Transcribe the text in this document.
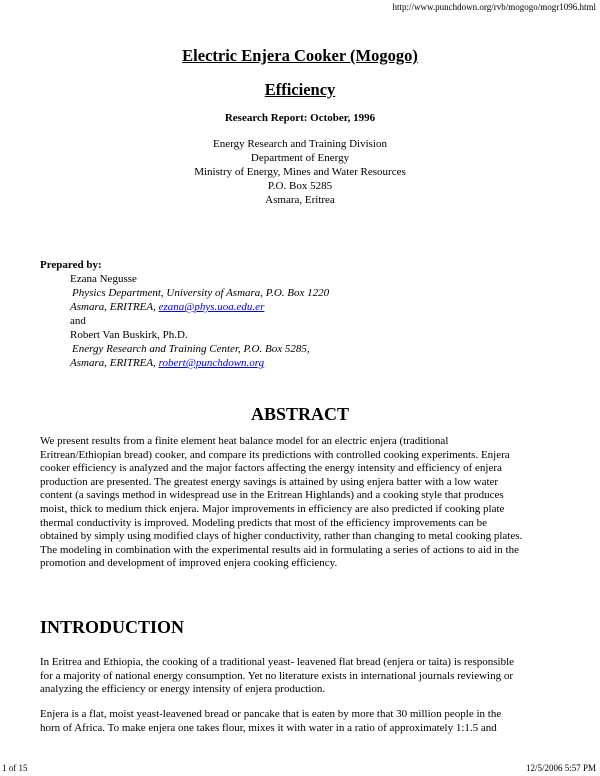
http://www.punchdown.org/rvb/mogogo/mogr1096.html
Electric Enjera Cooker (Mogogo)
Efficiency
Research Report: October, 1996
Energy Research and Training Division
Department of Energy
Ministry of Energy, Mines and Water Resources
P.O. Box 5285
Asmara, Eritrea
Prepared by:
Ezana Negusse
Physics Department, University of Asmara, P.O. Box 1220
Asmara, ERITREA, ezana@phys.uoa.edu.er
and
Robert Van Buskirk, Ph.D.
Energy Research and Training Center, P.O. Box 5285,
Asmara, ERITREA, robert@punchdown.org
ABSTRACT
We present results from a finite element heat balance model for an electric enjera (traditional
Eritrean/Ethiopian bread) cooker, and compare its predictions with controlled cooking experiments. Enjera
cooker efficiency is analyzed and the major factors affecting the energy intensity and efficiency of enjera
production are presented. The greatest energy savings is attained by using enjera batter with a low water
content (a savings method in widespread use in the Eritrean Highlands) and a cooking style that produces
moist, thick to medium thick enjera. Major improvements in efficiency are also predicted if cooking plate
thermal conductivity is improved. Modeling predicts that most of the efficiency improvements can be
obtained by simply using modified clays of higher conductivity, rather than changing to metal cooking plates.
The modeling in combination with the experimental results aid in formulating a series of actions to aid in the
promotion and development of improved enjera cooking efficiency.
INTRODUCTION
In Eritrea and Ethiopia, the cooking of a traditional yeast- leavened flat bread (enjera or taita) is responsible
for a majority of national energy consumption. Yet no literature exists in international journals reviewing or
analyzing the efficiency or energy intensity of enjera production.
Enjera is a flat, moist yeast-leavened bread or pancake that is eaten by more that 30 million people in the
horn of Africa. To make enjera one takes flour, mixes it with water in a ratio of approximately 1:1.5 and
1 of 15	12/5/2006 5:57 PM
